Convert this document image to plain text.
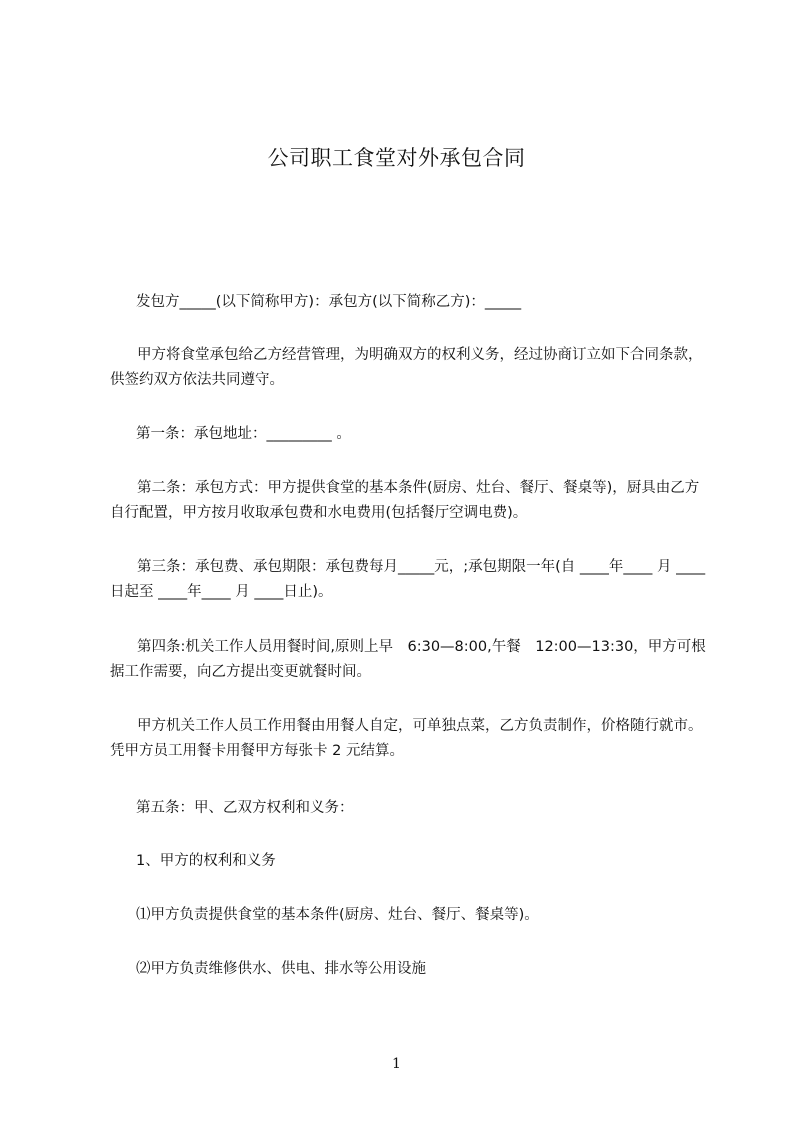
公司职工食堂对外承包合同

发包方_____(以下简称甲方)：承包方(以下简称乙方)：_____

甲方将食堂承包给乙方经营管理，为明确双方的权利义务，经过协商订立如下合同条款，供签约双方依法共同遵守。

第一条：承包地址：_________ 。

第二条：承包方式：甲方提供食堂的基本条件(厨房、灶台、餐厅、餐桌等)，厨具由乙方自行配置，甲方按月收取承包费和水电费用(包括餐厅空调电费)。

第三条：承包费、承包期限：承包费每月_____元，;承包期限一年(自 ____年____ 月 ____日起至 ____年____ 月 ____日止)。

第四条:机关工作人员用餐时间,原则上早　6:30—8:00,午餐　12:00—13:30，甲方可根据工作需要，向乙方提出变更就餐时间。

甲方机关工作人员工作用餐由用餐人自定，可单独点菜，乙方负责制作，价格随行就市。凭甲方员工用餐卡用餐甲方每张卡 2 元结算。

第五条：甲、乙双方权利和义务：

1、甲方的权利和义务

⑴甲方负责提供食堂的基本条件(厨房、灶台、餐厅、餐桌等)。

⑵甲方负责维修供水、供电、排水等公用设施

1
